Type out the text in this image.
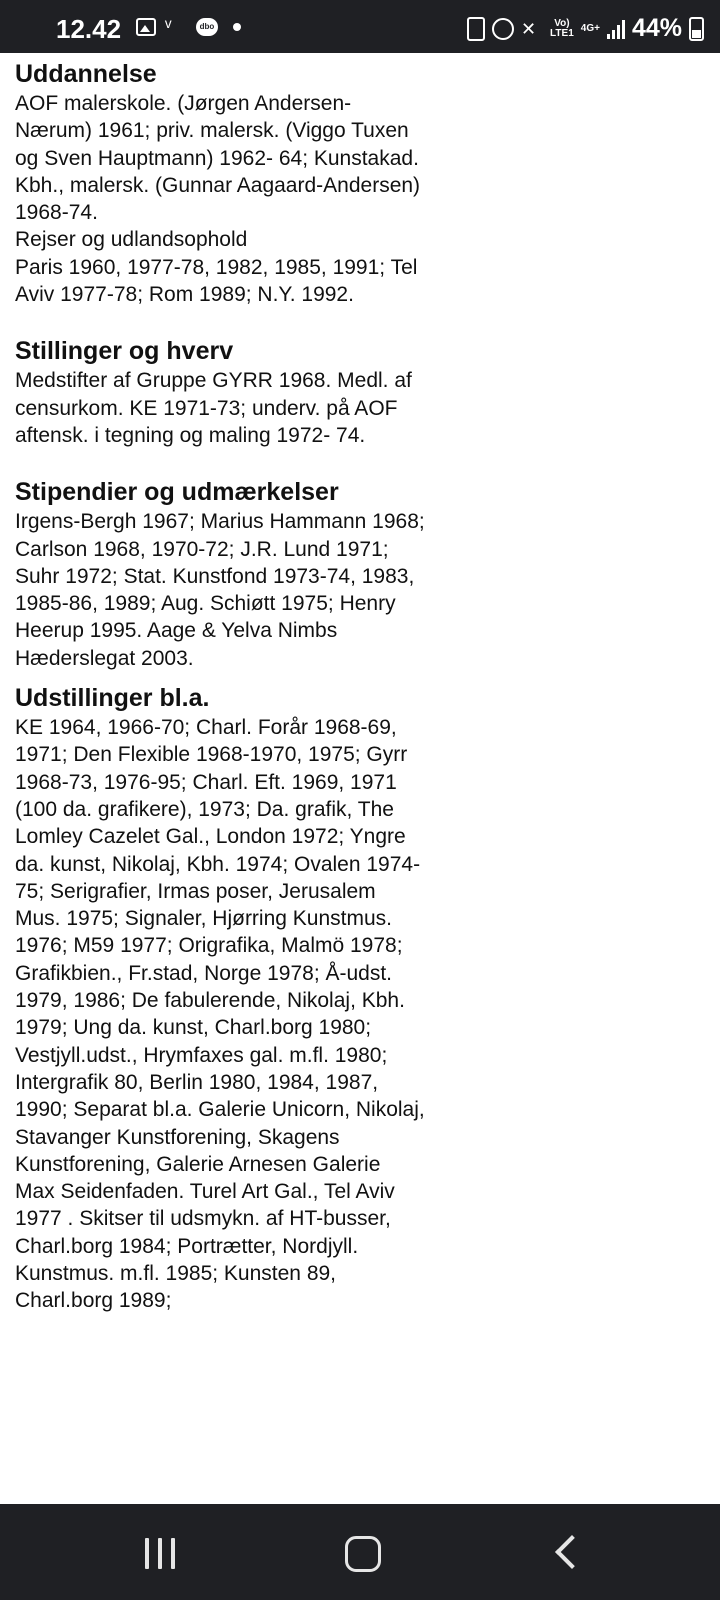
12.42 ᵛ	dbo	✕	Vo)
LTE1 4G+ 44%
Uddannelse

AOF malerskole. (Jørgen Andersen-Nærum) 1961; priv. malersk. (Viggo Tuxen og Sven Hauptmann) 1962- 64; Kunstakad. Kbh., malersk. (Gunnar Aagaard-Andersen) 1968-74.
Rejser og udlandsophold
Paris 1960, 1977-78, 1982, 1985, 1991; Tel Aviv 1977-78; Rom 1989; N.Y. 1992.

Stillinger og hverv

Medstifter af Gruppe GYRR 1968. Medl. af censurkom. KE 1971-73; underv. på AOF aftensk. i tegning og maling 1972- 74.

Stipendier og udmærkelser

Irgens-Bergh 1967; Marius Hammann 1968; Carlson 1968, 1970-72; J.R. Lund 1971; Suhr 1972; Stat. Kunstfond 1973-74, 1983, 1985-86, 1989; Aug. Schiøtt 1975; Henry Heerup 1995. Aage & Yelva Nimbs Hæderslegat 2003.

Udstillinger bl.a.

KE 1964, 1966-70; Charl. Forår 1968-69, 1971; Den Flexible 1968-1970, 1975; Gyrr 1968-73, 1976-95; Charl. Eft. 1969, 1971 (100 da. grafikere), 1973; Da. grafik, The Lomley Cazelet Gal., London 1972; Yngre da. kunst, Nikolaj, Kbh. 1974; Ovalen 1974-75; Serigrafier, Irmas poser, Jerusalem Mus. 1975; Signaler, Hjørring Kunstmus. 1976; M59 1977; Origrafika, Malmö 1978; Grafikbien., Fr.stad, Norge 1978; Å-udst. 1979, 1986; De fabulerende, Nikolaj, Kbh. 1979; Ung da. kunst, Charl.borg 1980; Vestjyll.udst., Hrymfaxes gal. m.fl. 1980; Intergrafik 80, Berlin 1980, 1984, 1987, 1990; Separat bl.a. Galerie Unicorn, Nikolaj, Stavanger Kunstforening, Skagens Kunstforening, Galerie Arnesen Galerie Max Seidenfaden. Turel Art Gal., Tel Aviv 1977 . Skitser til udsmykn. af HT-busser, Charl.borg 1984; Portrætter, Nordjyll. Kunstmus. m.fl. 1985; Kunsten 89, Charl.borg 1989;
